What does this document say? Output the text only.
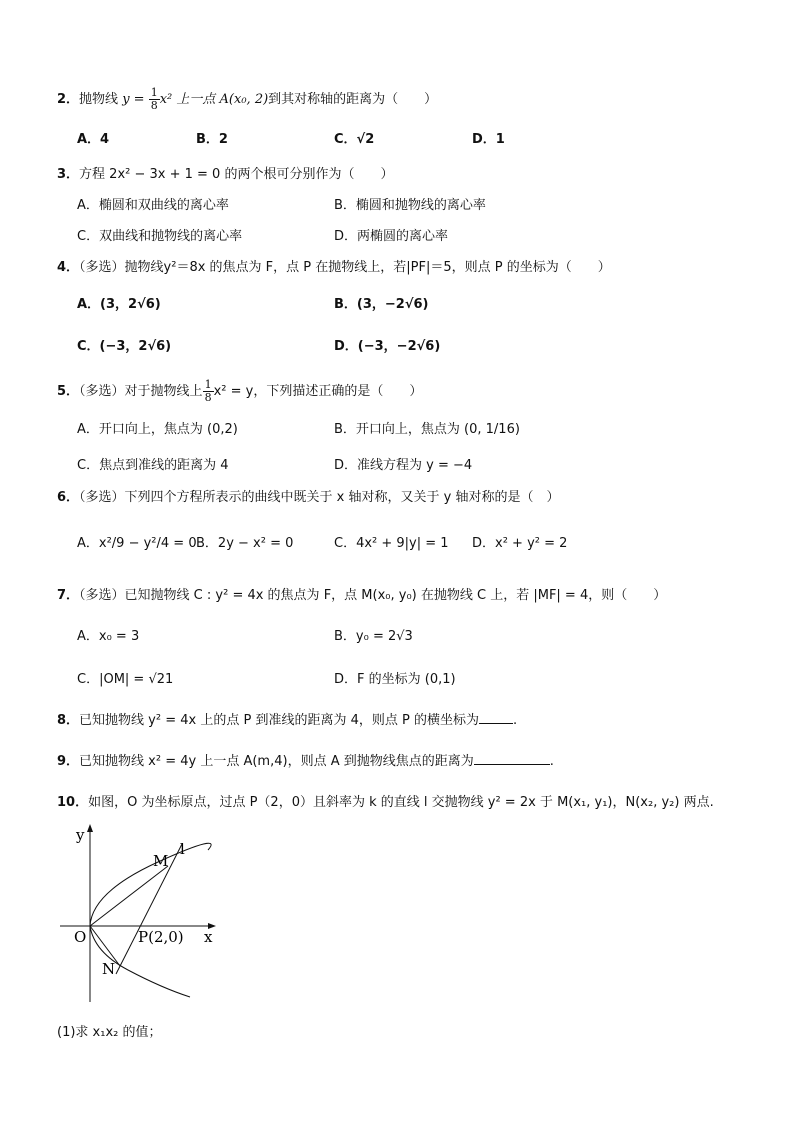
2．抛物线 $y = \frac{1}{8} x^2$ 上一点 A(x₀, 2)到其对称轴的距离为（　　）
A．4	B．2	C．√2	D．1
3．方程 2x² − 3x + 1 = 0 的两个根可分别作为（　　）
A．椭圆和双曲线的离心率	B．椭圆和抛物线的离心率
C．双曲线和抛物线的离心率	D．两椭圆的离心率
4．（多选）抛物线y²＝8x 的焦点为 F，点 P 在抛物线上，若|PF|＝5，则点 P 的坐标为（　　）
A．(3，2√6)	B．(3，−2√6)
C．(−3，2√6)	D．(−3，−2√6)
5．（多选）对于抛物线上 $\frac{1}{8} x^2 = y$，下列描述正确的是（　　）
A．开口向上，焦点为 (0,2)	B．开口向上，焦点为 (0, 1/16)
C．焦点到准线的距离为 4	D．准线方程为 y = −4
6．（多选）下列四个方程所表示的曲线中既关于 x 轴对称，又关于 y 轴对称的是（　）
A．x²/9 − y²/4 = 0 B．2y − x² = 0	C．4x² + 9|y| = 1 D．x² + y² = 2
7．（多选）已知抛物线 C : y² = 4x 的焦点为 F，点 M(x₀, y₀) 在抛物线 C 上，若 |MF| = 4，则（　　）
A．x₀ = 3	B．y₀ = 2√3
C．|OM| = √21	D．F 的坐标为 (0,1)
8．已知抛物线 y² = 4x 上的点 P 到准线的距离为 4，则点 P 的横坐标为	.
9．已知抛物线 x² = 4y 上一点 A(m,4)，则点 A 到抛物线焦点的距离为	.
10．如图，O 为坐标原点，过点 P（2，0）且斜率为 k 的直线 l 交抛物线 y² = 2x 于 M(x₁, y₁)，N(x₂, y₂) 两点.
y
x
O
M
N
l
P(2,0)
(1)求 x₁x₂ 的值；
